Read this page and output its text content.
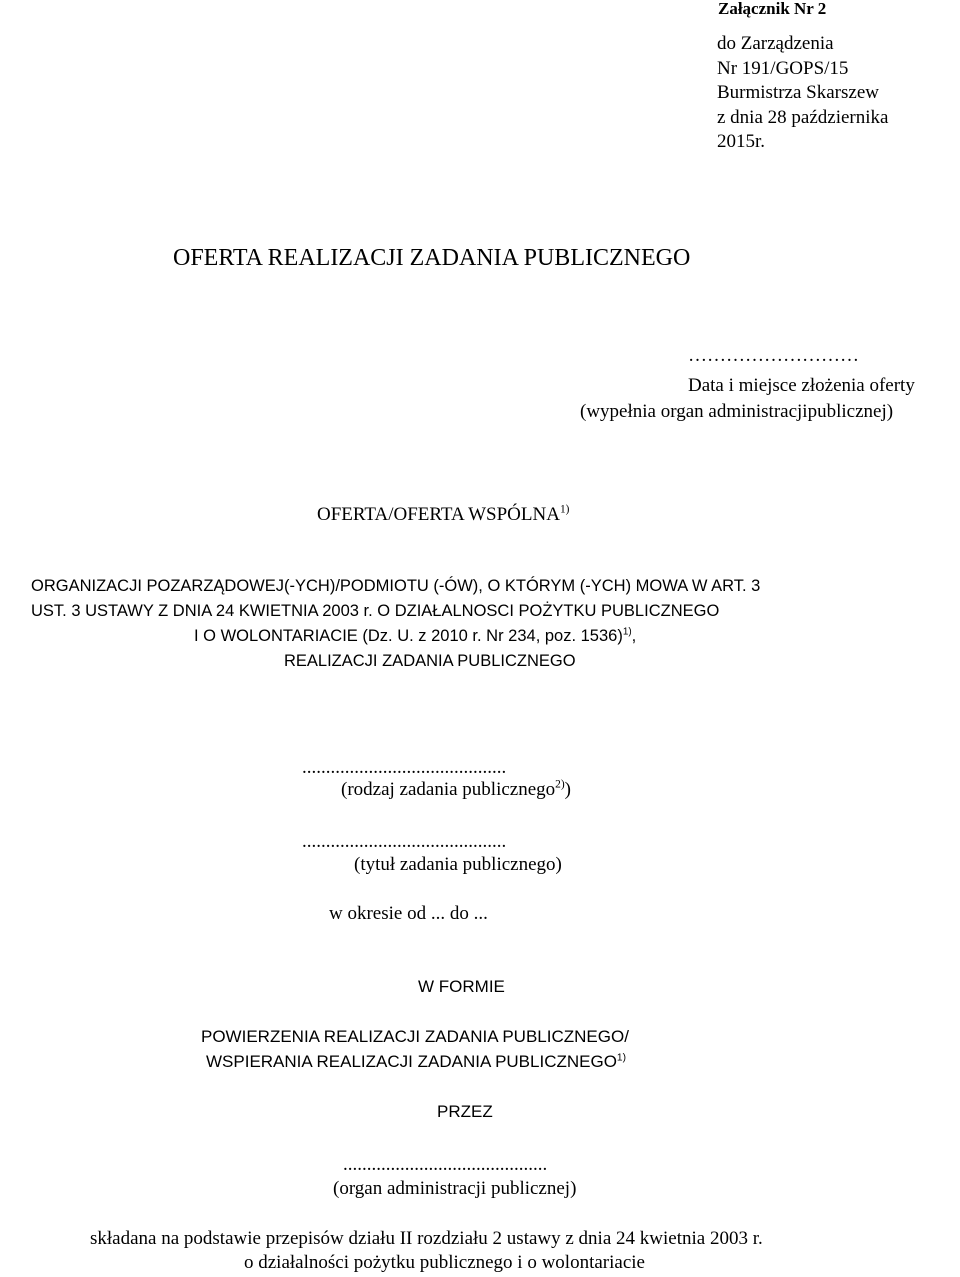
Załącznik Nr 2
do Zarządzenia
Nr 191/GOPS/15
Burmistrza Skarszew
z dnia 28 października
2015r.
OFERTA REALIZACJI ZADANIA PUBLICZNEGO
………………………
Data i miejsce złożenia oferty
(wypełnia organ administracjipublicznej)
OFERTA/OFERTA WSPÓLNA$^{1)}$
ORGANIZACJI POZARZĄDOWEJ(-YCH)/PODMIOTU (-ÓW), O KTÓRYM (-YCH) MOWA W ART. 3
UST. 3 USTAWY Z DNIA 24 KWIETNIA 2003 r. O DZIAŁALNOSCI POŻYTKU PUBLICZNEGO
I O WOLONTARIACIE (Dz. U. z 2010 r. Nr 234, poz. 1536)$^{1)}$,
REALIZACJI ZADANIA PUBLICZNEGO
...........................................
(rodzaj zadania publicznego$^{2)}$)
...........................................
(tytuł zadania publicznego)
w okresie od ... do ...
W FORMIE
POWIERZENIA REALIZACJI ZADANIA PUBLICZNEGO/
WSPIERANIA REALIZACJI ZADANIA PUBLICZNEGO$^{1)}$
PRZEZ
...........................................
(organ administracji publicznej)
składana na podstawie przepisów działu II rozdziału 2 ustawy z dnia 24 kwietnia 2003 r.
o działalności pożytku publicznego i o wolontariacie
